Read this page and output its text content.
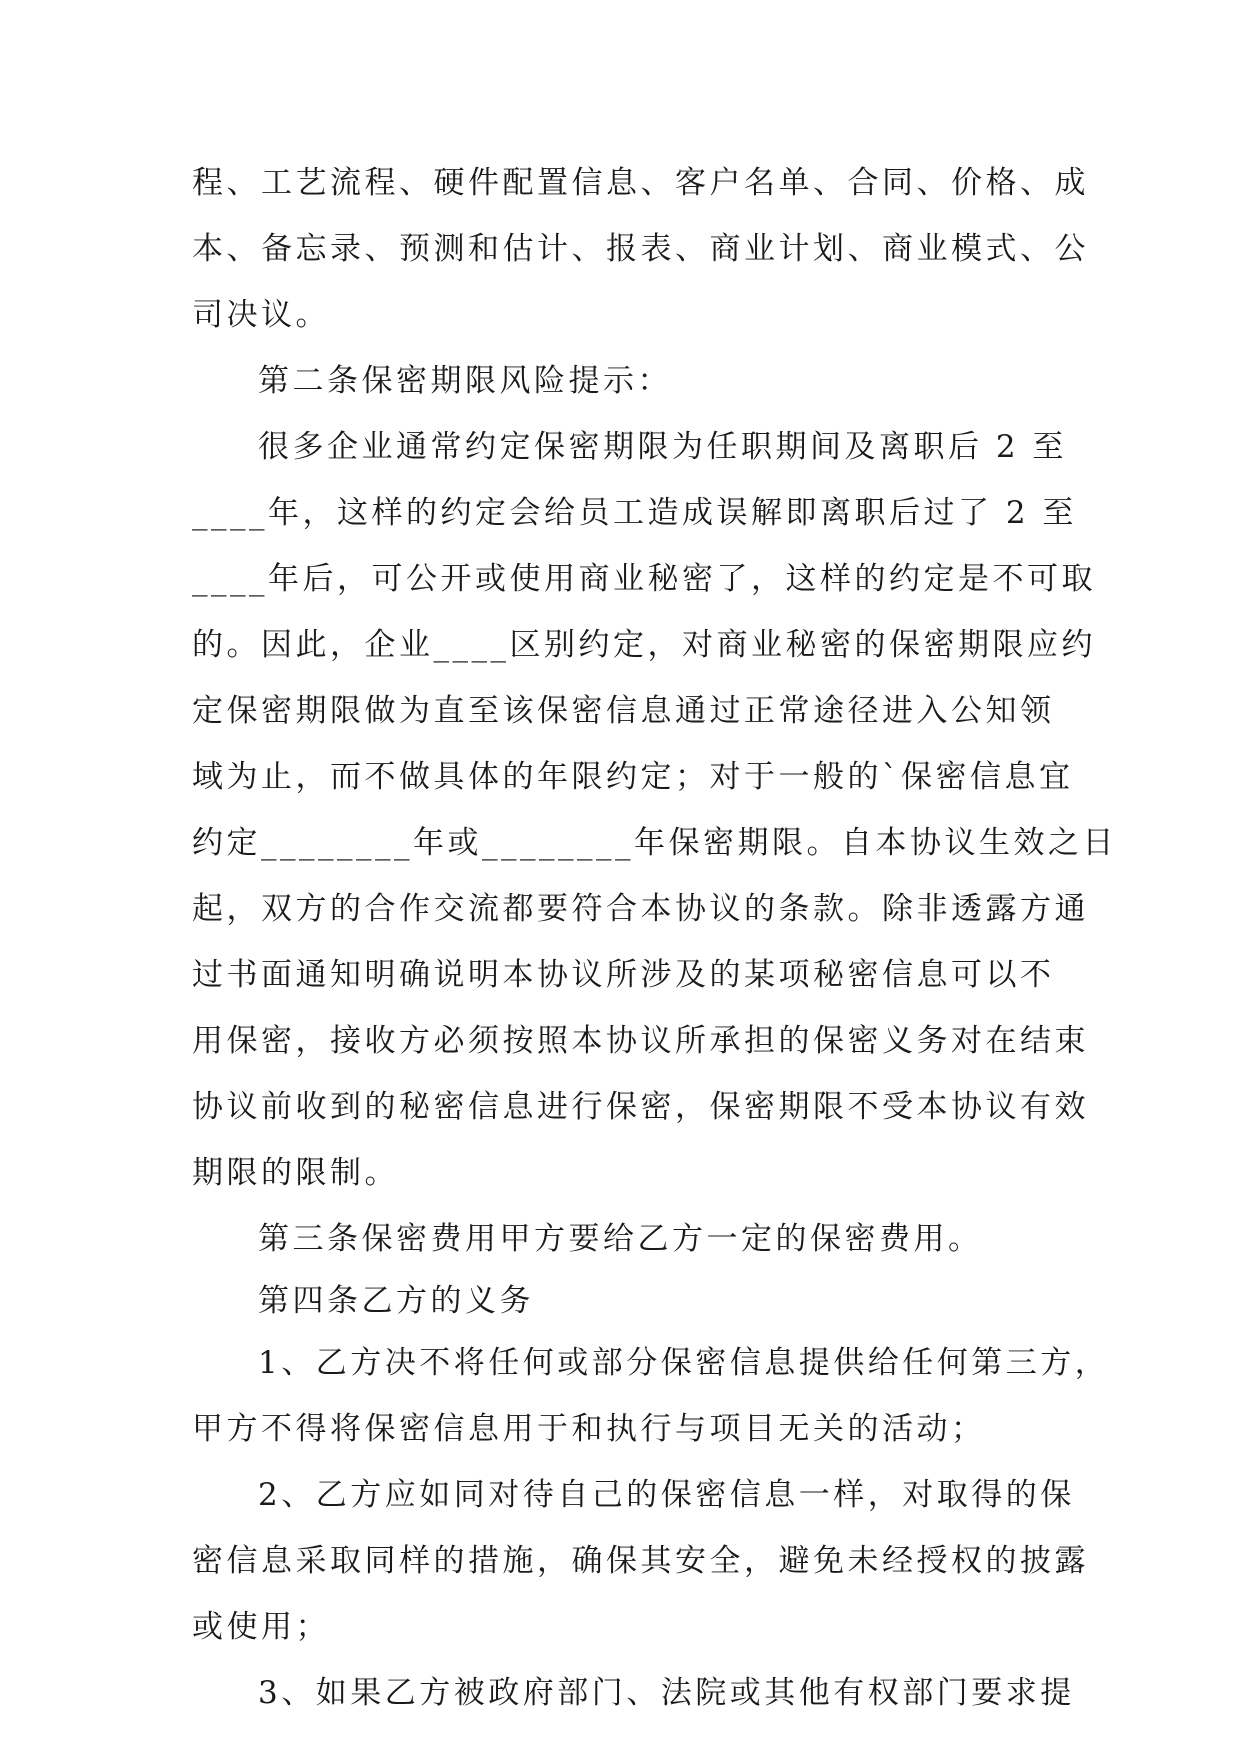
程、工艺流程、硬件配置信息、客户名单、合同、价格、成
本、备忘录、预测和估计、报表、商业计划、商业模式、公
司决议。
第二条保密期限风险提示：
很多企业通常约定保密期限为任职期间及离职后 2 至
____年，这样的约定会给员工造成误解即离职后过了 2 至
____年后，可公开或使用商业秘密了，这样的约定是不可取
的。因此，企业____区别约定，对商业秘密的保密期限应约
定保密期限做为直至该保密信息通过正常途径进入公知领
域为止，而不做具体的年限约定；对于一般的`保密信息宜
约定________年或________年保密期限。自本协议生效之日
起，双方的合作交流都要符合本协议的条款。除非透露方通
过书面通知明确说明本协议所涉及的某项秘密信息可以不
用保密，接收方必须按照本协议所承担的保密义务对在结束
协议前收到的秘密信息进行保密，保密期限不受本协议有效
期限的限制。
第三条保密费用甲方要给乙方一定的保密费用。
第四条乙方的义务
1、乙方决不将任何或部分保密信息提供给任何第三方，
甲方不得将保密信息用于和执行与项目无关的活动；
2、乙方应如同对待自己的保密信息一样，对取得的保
密信息采取同样的措施，确保其安全，避免未经授权的披露
或使用；
3、如果乙方被政府部门、法院或其他有权部门要求提
